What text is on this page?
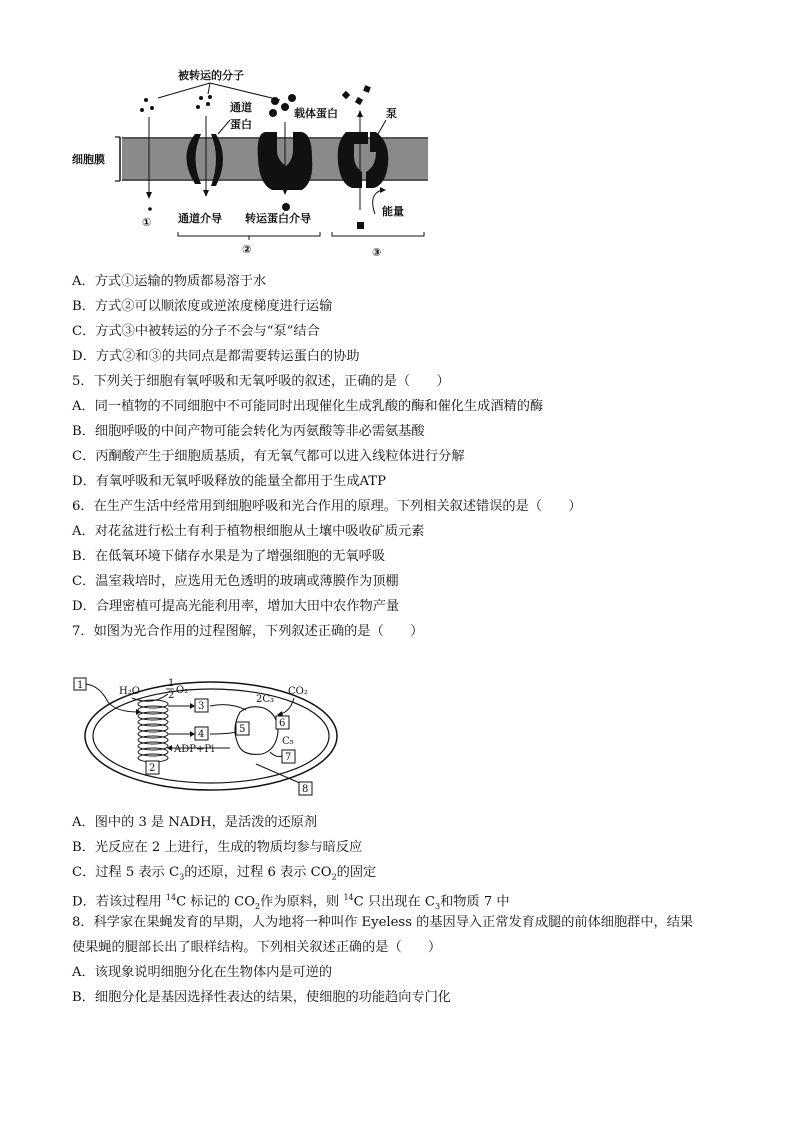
细胞膜
被转运的分子
①
通道
蛋白
载体蛋白	泵
能量
通道介导 转运蛋白介导
②	③
A．方式①运输的物质都易溶于水
B．方式②可以顺浓度或逆浓度梯度进行运输
C．方式③中被转运的分子不会与“泵”结合
D．方式②和③的共同点是都需要转运蛋白的协助
5．下列关于细胞有氧呼吸和无氧呼吸的叙述，正确的是（　　）
A．同一植物的不同细胞中不可能同时出现催化生成乳酸的酶和催化生成酒精的酶
B．细胞呼吸的中间产物可能会转化为丙氨酸等非必需氨基酸
C．丙酮酸产生于细胞质基质，有无氧气都可以进入线粒体进行分解
D．有氧呼吸和无氧呼吸释放的能量全都用于生成ATP
6．在生产生活中经常用到细胞呼吸和光合作用的原理。下列相关叙述错误的是（　　）
A．对花盆进行松土有利于植物根细胞从土壤中吸收矿质元素
B．在低氧环境下储存水果是为了增强细胞的无氧呼吸
C．温室栽培时，应选用无色透明的玻璃或薄膜作为顶棚
D．合理密植可提高光能利用率，增加大田中农作物产量
7．如图为光合作用的过程图解，下列叙述正确的是（　　）
1
H₂O
1
2 O₂
3
4
ADP+Pi
2
5
2C₃
CO₂
6
C₅
7
8
A．图中的 3 是 NADH，是活泼的还原剂
B．光反应在 2 上进行，生成的物质均参与暗反应
C．过程 5 表示 $C_3$的还原，过程 6 表示 $CO_2$的固定
D．若该过程用 $^{14}$C 标记的 $CO_2$作为原料，则 $^{14}$C 只出现在 $C_3$和物质 7 中
8．科学家在果蝇发育的早期，人为地将一种叫作 Eyeless 的基因导入正常发育成腿的前体细胞群中，结果
使果蝇的腿部长出了眼样结构。下列相关叙述正确的是（　　）
A．该现象说明细胞分化在生物体内是可逆的
B．细胞分化是基因选择性表达的结果，使细胞的功能趋向专门化
